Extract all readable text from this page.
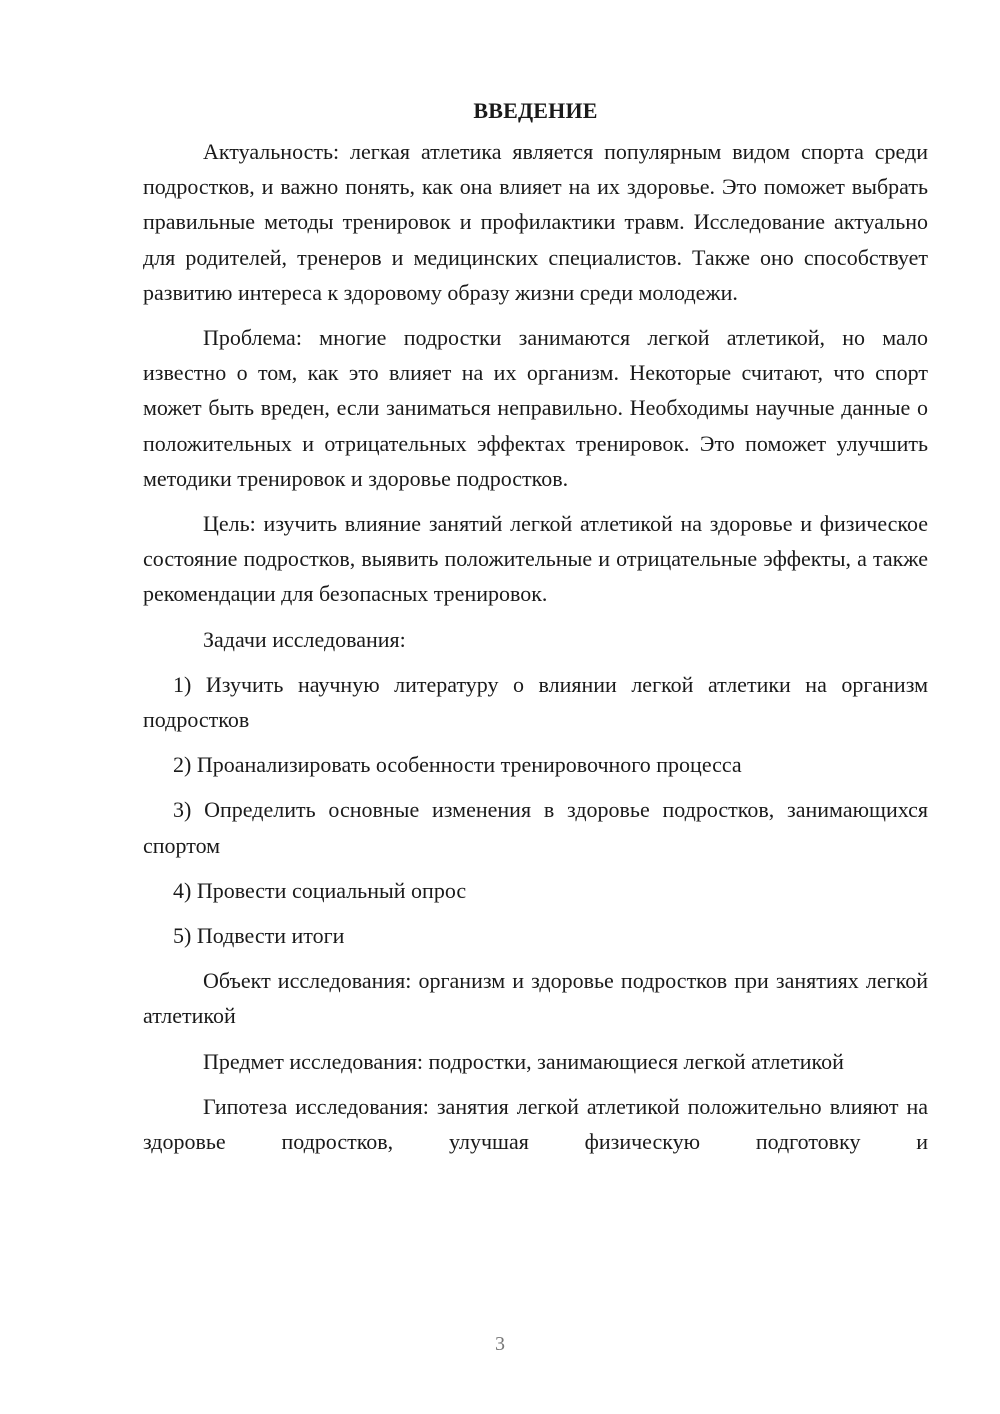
ВВЕДЕНИЕ

Актуальность: легкая атлетика является популярным видом спорта среди подростков, и важно понять, как она влияет на их здоровье. Это поможет выбрать правильные методы тренировок и профилактики травм. Исследование актуально для родителей, тренеров и медицинских специалистов. Также оно способствует развитию интереса к здоровому образу жизни среди молодежи.

Проблема: многие подростки занимаются легкой атлетикой, но мало известно о том, как это влияет на их организм. Некоторые считают, что спорт может быть вреден, если заниматься неправильно. Необходимы научные данные о положительных и отрицательных эффектах тренировок. Это поможет улучшить методики тренировок и здоровье подростков.

Цель: изучить влияние занятий легкой атлетикой на здоровье и физическое состояние подростков, выявить положительные и отрицательные эффекты, а также рекомендации для безопасных тренировок.

Задачи исследования:

1) Изучить научную литературу о влиянии легкой атлетики на организм подростков

2) Проанализировать особенности тренировочного процесса

3) Определить основные изменения в здоровье подростков, занимающихся спортом

4) Провести социальный опрос

5) Подвести итоги

Объект исследования: организм и здоровье подростков при занятиях легкой атлетикой

Предмет исследования: подростки, занимающиеся легкой атлетикой

Гипотеза исследования: занятия легкой атлетикой положительно влияют на здоровье подростков, улучшая физическую подготовку и

3
